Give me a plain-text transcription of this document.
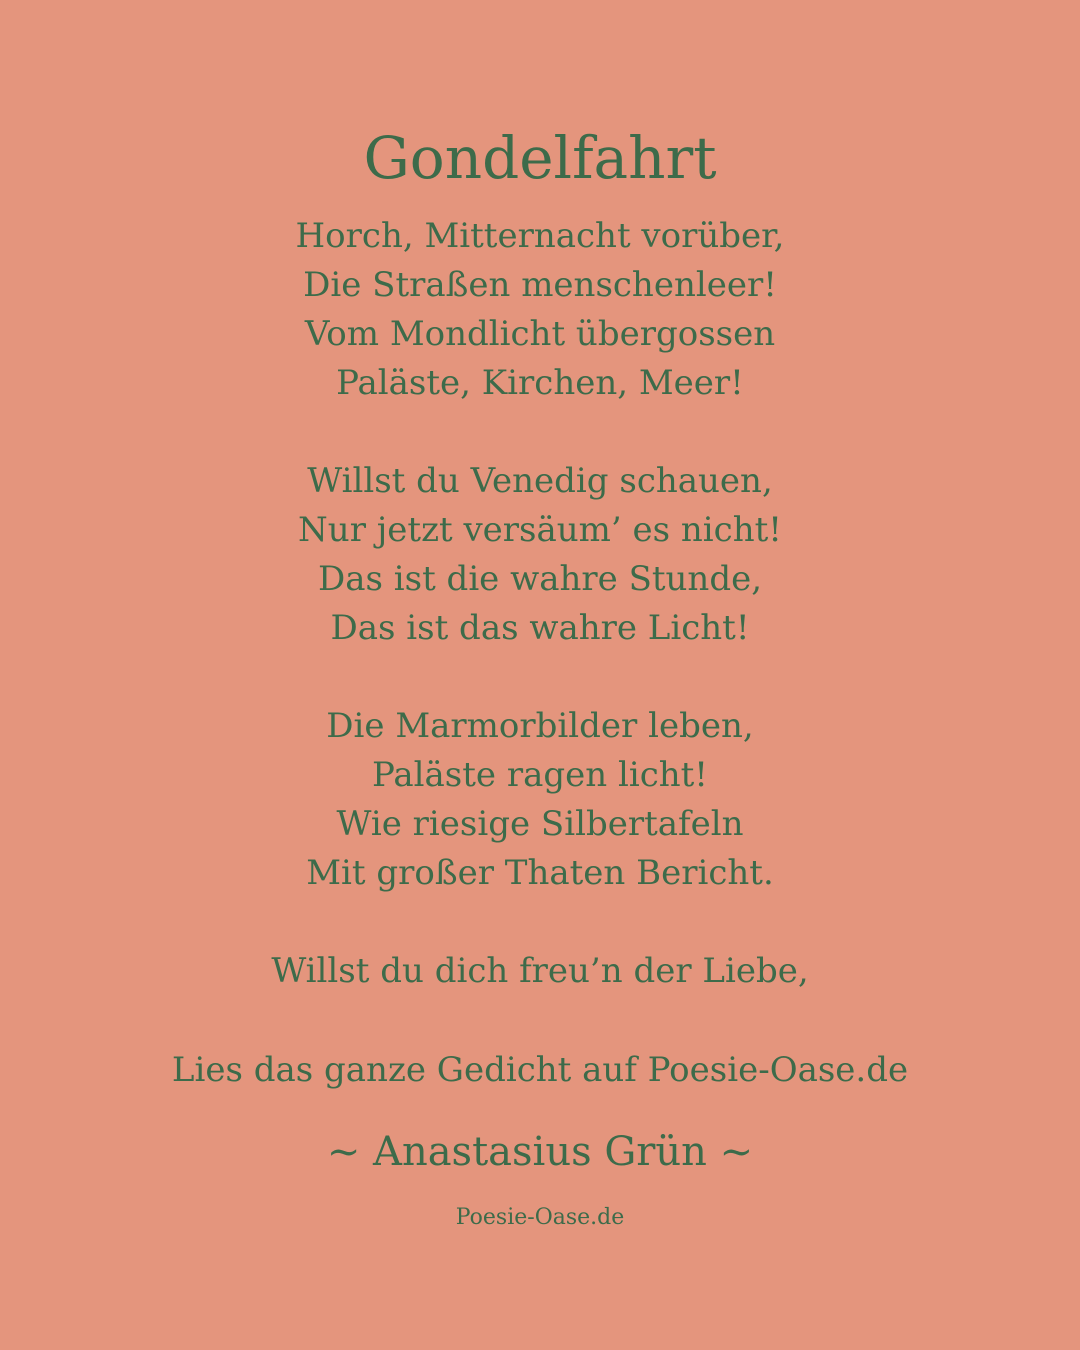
Gondelfahrt
Horch, Mitternacht vorüber,
Die Straßen menschenleer!
Vom Mondlicht übergossen
Paläste, Kirchen, Meer!
Willst du Venedig schauen,
Nur jetzt versäum’ es nicht!
Das ist die wahre Stunde,
Das ist das wahre Licht!
Die Marmorbilder leben,
Paläste ragen licht!
Wie riesige Silbertafeln
Mit großer Thaten Bericht.
Willst du dich freu’n der Liebe,
Lies das ganze Gedicht auf Poesie-Oase.de
~ Anastasius Grün ~
Poesie-Oase.de
